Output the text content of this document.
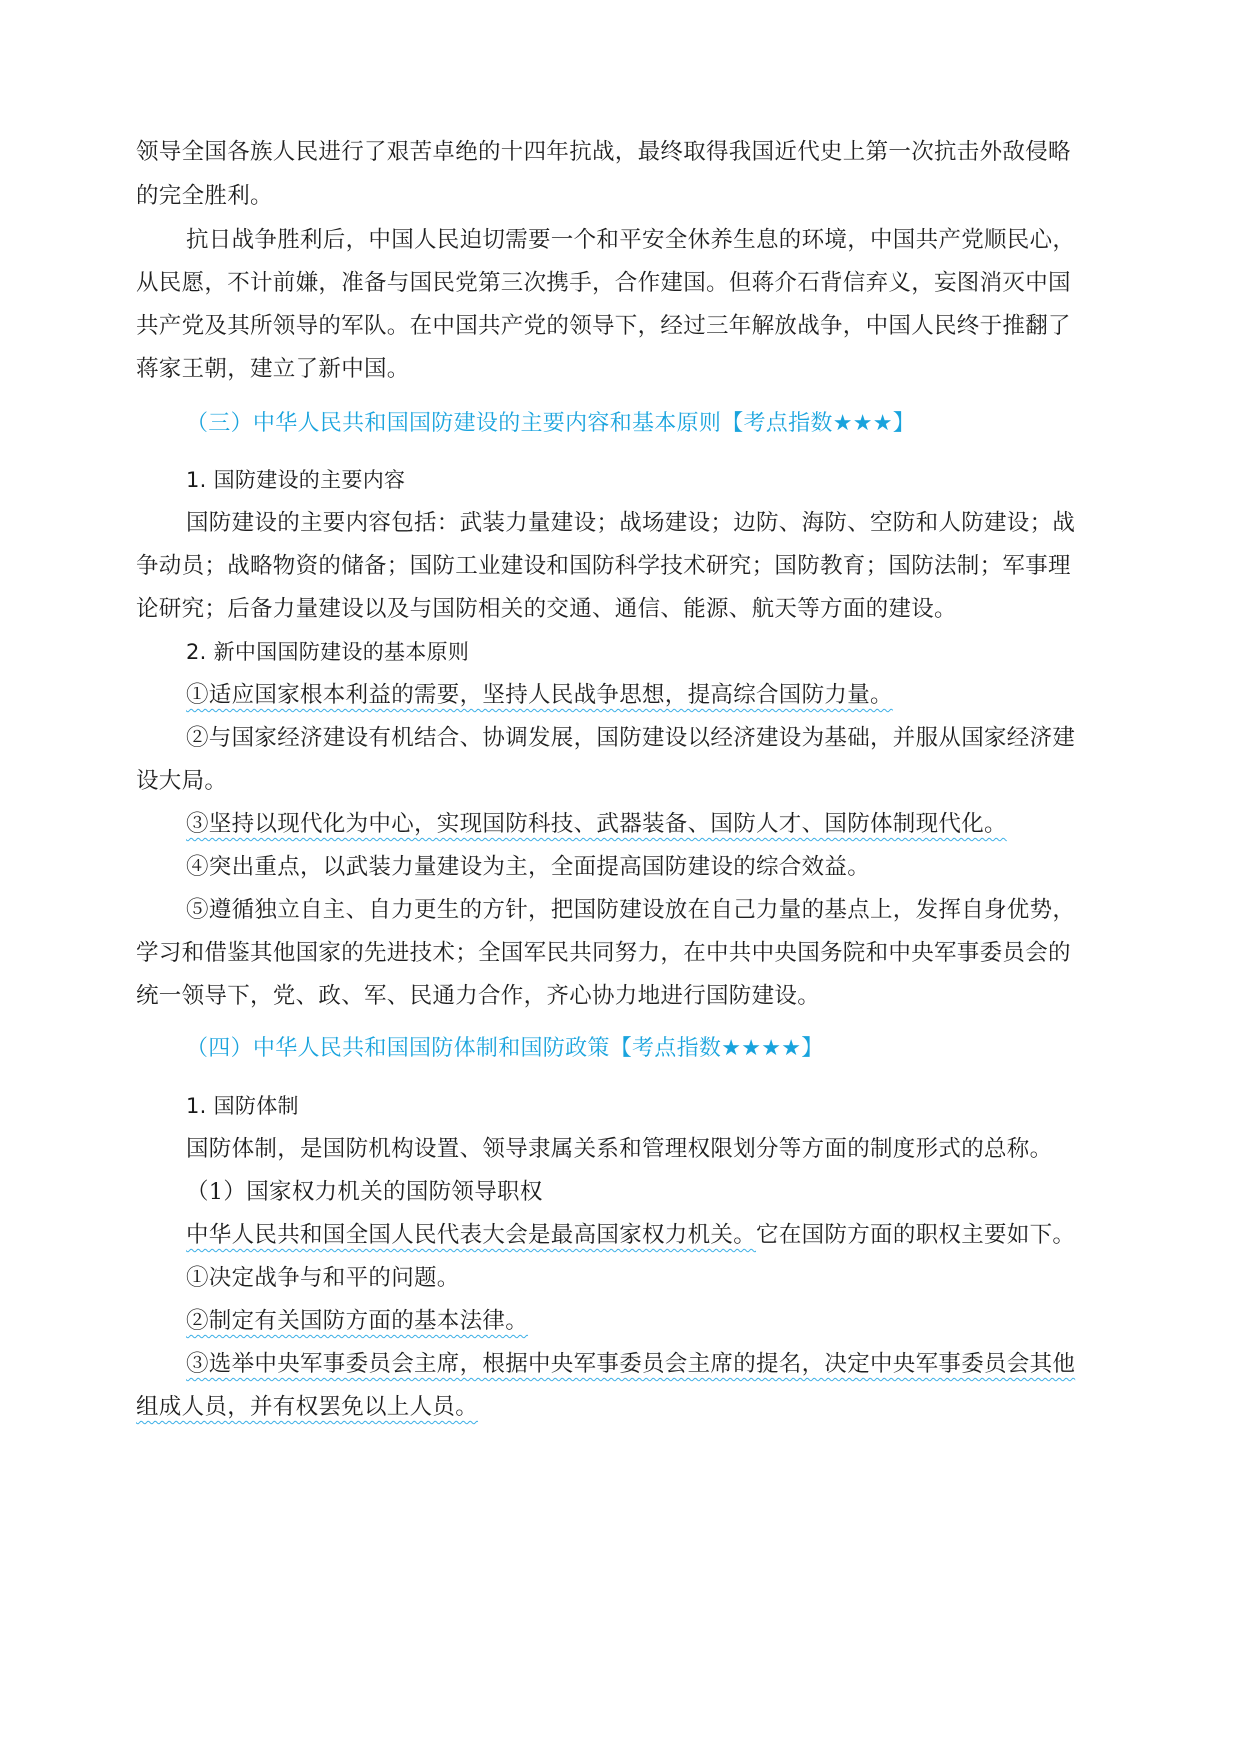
领导全国各族人民进行了艰苦卓绝的十四年抗战，最终取得我国近代史上第一次抗击外敌侵略
的完全胜利。
抗日战争胜利后，中国人民迫切需要一个和平安全休养生息的环境，中国共产党顺民心，
从民愿，不计前嫌，准备与国民党第三次携手，合作建国。但蒋介石背信弃义，妄图消灭中国
共产党及其所领导的军队。在中国共产党的领导下，经过三年解放战争，中国人民终于推翻了
蒋家王朝，建立了新中国。
（三）中华人民共和国国防建设的主要内容和基本原则【考点指数★★★】
1. 国防建设的主要内容
国防建设的主要内容包括：武装力量建设；战场建设；边防、海防、空防和人防建设；战
争动员；战略物资的储备；国防工业建设和国防科学技术研究；国防教育；国防法制；军事理
论研究；后备力量建设以及与国防相关的交通、通信、能源、航天等方面的建设。
2. 新中国国防建设的基本原则
①适应国家根本利益的需要，坚持人民战争思想，提高综合国防力量。
②与国家经济建设有机结合、协调发展，国防建设以经济建设为基础，并服从国家经济建
设大局。
③坚持以现代化为中心，实现国防科技、武器装备、国防人才、国防体制现代化。
④突出重点，以武装力量建设为主，全面提高国防建设的综合效益。
⑤遵循独立自主、自力更生的方针，把国防建设放在自己力量的基点上，发挥自身优势，
学习和借鉴其他国家的先进技术；全国军民共同努力，在中共中央国务院和中央军事委员会的
统一领导下，党、政、军、民通力合作，齐心协力地进行国防建设。
（四）中华人民共和国国防体制和国防政策【考点指数★★★★】
1. 国防体制
国防体制，是国防机构设置、领导隶属关系和管理权限划分等方面的制度形式的总称。
（1）国家权力机关的国防领导职权
中华人民共和国全国人民代表大会是最高国家权力机关。它在国防方面的职权主要如下。
①决定战争与和平的问题。
②制定有关国防方面的基本法律。
③选举中央军事委员会主席，根据中央军事委员会主席的提名，决定中央军事委员会其他
组成人员，并有权罢免以上人员。
